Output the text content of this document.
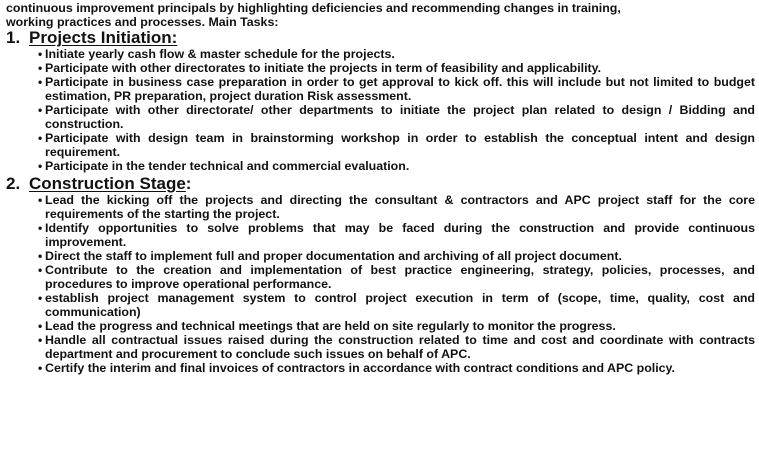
continuous improvement principals by highlighting deficiencies and recommending changes in training,
working practices and processes. Main Tasks:

1. Projects Initiation:
• Initiate yearly cash flow & master schedule for the projects.
• Participate with other directorates to initiate the projects in term of feasibility and applicability.
• Participate in business case preparation in order to get approval to kick off. this will include but not limited to budget estimation, PR preparation, project duration Risk assessment.
• Participate with other directorate/ other departments to initiate the project plan related to design / Bidding and construction.
• Participate with design team in brainstorming workshop in order to establish the conceptual intent and design requirement.
• Participate in the tender technical and commercial evaluation.
2. Construction Stage:
• Lead the kicking off the projects and directing the consultant & contractors and APC project staff for the core requirements of the starting the project.
• Identify opportunities to solve problems that may be faced during the construction and provide continuous improvement.
• Direct the staff to implement full and proper documentation and archiving of all project document.
• Contribute to the creation and implementation of best practice engineering, strategy, policies, processes, and procedures to improve operational performance.
• establish project management system to control project execution in term of (scope, time, quality, cost and communication)
• Lead the progress and technical meetings that are held on site regularly to monitor the progress.
• Handle all contractual issues raised during the construction related to time and cost and coordinate with contracts department and procurement to conclude such issues on behalf of APC.
• Certify the interim and final invoices of contractors in accordance with contract conditions and APC policy.
